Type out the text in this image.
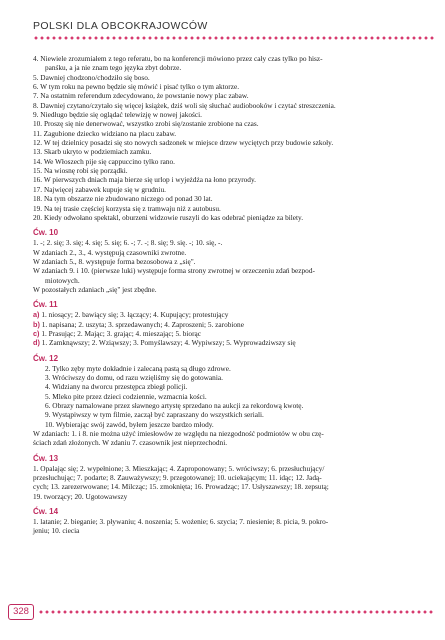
POLSKI DLA OBCOKRAJOWCÓW
4. Niewiele zrozumiałem z tego referatu, bo na konferencji mówiono przez cały czas tylko po hisz-
panśku, a ja nie znam tego języka zbyt dobrze.
5. Dawniej chodzono/chodziło się boso.
6. W tym roku na pewno będzie się mówić i pisać tylko o tym aktorze.
7. Na ostatnim referendum zdecydowano, że powstanie nowy plac zabaw.
8. Dawniej czytano/czytało się więcej książek, dziś woli się słuchać audiobooków i czytać streszczenia.
9. Niedługo będzie się oglądać telewizję w nowej jakości.
10. Proszę się nie denerwować, wszystko zrobi się/zostanie zrobione na czas.
11. Zagubione dziecko widziano na placu zabaw.
12. W tej dzielnicy posadzi się sto nowych sadzonek w miejsce drzew wyciętych przy budowie szkoły.
13. Skarb ukryto w podziemiach zamku.
14. We Włoszech pije się cappuccino tylko rano.
15. Na wiosnę robi się porządki.
16. W pierwszych dniach maja bierze się urlop i wyjeżdża na łono przyrody.
17. Najwięcej zabawek kupuje się w grudniu.
18. Na tym obszarze nie zbudowano niczego od ponad 30 lat.
19. Na tej trasie częściej korzysta się z tramwaju niż z autobusu.
20. Kiedy odwołano spektakl, oburzeni widzowie ruszyli do kas odebrać pieniądze za bilety.
Ćw. 10
1. -; 2. się; 3. się; 4. się; 5. się; 6. -; 7. -; 8. się; 9. się. -; 10. się, -.
W zdaniach 2., 3., 4. występują czasowniki zwrotne.
W zdaniach 5., 8. występuje forma bezosobowa z „się".
W zdaniach 9. i 10. (pierwsze luki) występuje forma strony zwrotnej w orzeczeniu zdań bezpod-
miotowych.
W pozostałych zdaniach „się" jest zbędne.
Ćw. 11
a) 1. niosący; 2. bawiący się; 3. łączący; 4. Kupujący; protestujący
b) 1. napisana; 2. uszyta; 3. sprzedawanych; 4. Zaproszeni; 5. zarobione
c) 1. Prasując; 2. Mając; 3. grając; 4. mieszając; 5. biorąc
d) 1. Zamknąwszy; 2. Wziąwszy; 3. Pomyślawszy; 4. Wypiwszy; 5. Wyprowadziwszy się
Ćw. 12
2. Tylko zęby myte dokładnie i zalecaną pastą są długo zdrowe.
3. Wróciwszy do domu, od razu wzięliśmy się do gotowania.
4. Widziany na dworcu przestępca zbiegł policji.
5. Mleko pite przez dzieci codziennie, wzmacnia kości.
6. Obrazy namalowane przez sławnego artystę sprzedano na aukcji za rekordową kwotę.
9. Wystąpiwszy w tym filmie, zaczął być zapraszany do wszystkich seriali.
10. Wybierając swój zawód, byłem jeszcze bardzo młody.
W zdaniach: 1. i 8. nie można użyć imiesłowów ze względu na niezgodność podmiotów w obu czę-
ściach zdań złożonych. W zdaniu 7. czasownik jest nieprzechodni.
Ćw. 13
1. Opalając się; 2. wypełnione; 3. Mieszkając; 4. Zaproponowany; 5. wróciwszy; 6. przesłuchujący/
przesłuchując; 7. podarte; 8. Zauważywszy; 9. przegotowanej; 10. uciekającym; 11. idąc; 12. Jadą-
cych; 13. zarezerwowane; 14. Milcząc; 15. zmoknięta; 16. Prowadząc; 17. Usłyszawszy; 18. zepsutą;
19. tworzący; 20. Ugotowawszy
Ćw. 14
1. latanie; 2. bieganie; 3. pływaniu; 4. noszenia; 5. wożenie; 6. szycia; 7. niesienie; 8. picia, 9. pokro-
jeniu; 10. ciecia
328
